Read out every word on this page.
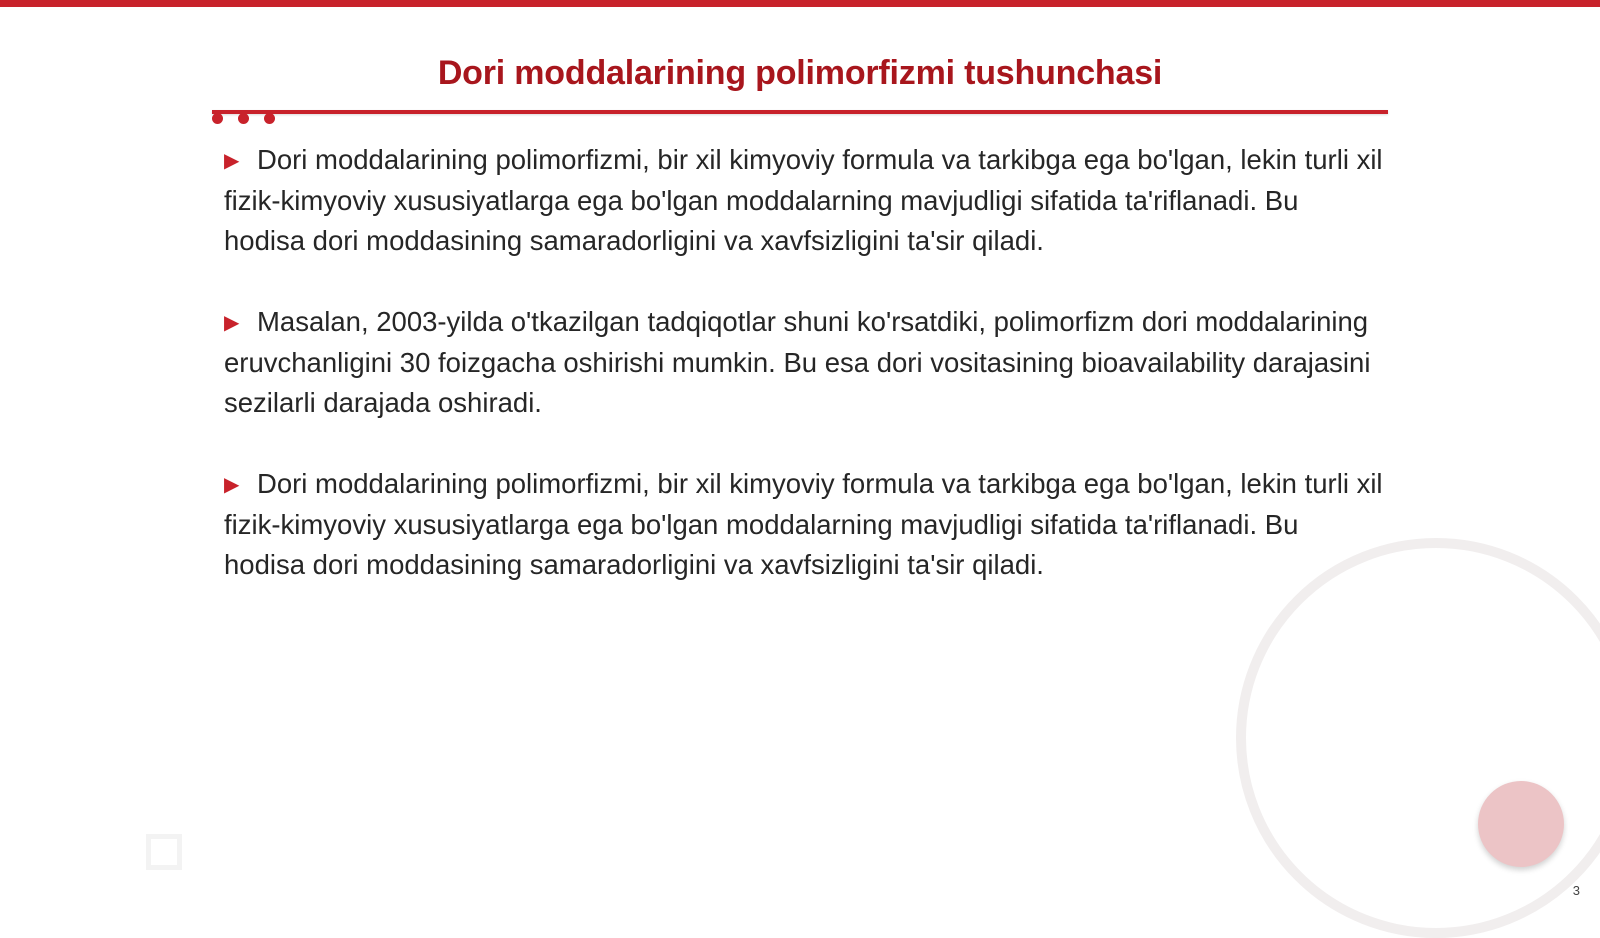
Dori moddalarining polimorfizmi tushunchasi
▶ Dori moddalarining polimorfizmi, bir xil kimyoviy formula va tarkibga ega bo'lgan, lekin turli xil fizik-kimyoviy xususiyatlarga ega bo'lgan moddalarning mavjudligi sifatida ta'riflanadi. Bu hodisa dori moddasining samaradorligini va xavfsizligini ta'sir qiladi.
▶ Masalan, 2003-yilda o'tkazilgan tadqiqotlar shuni ko'rsatdiki, polimorfizm dori moddalarining eruvchanligini 30 foizgacha oshirishi mumkin. Bu esa dori vositasining bioavailability darajasini sezilarli darajada oshiradi.
▶ Dori moddalarining polimorfizmi, bir xil kimyoviy formula va tarkibga ega bo'lgan, lekin turli xil fizik-kimyoviy xususiyatlarga ega bo'lgan moddalarning mavjudligi sifatida ta'riflanadi. Bu hodisa dori moddasining samaradorligini va xavfsizligini ta'sir qiladi.
3
